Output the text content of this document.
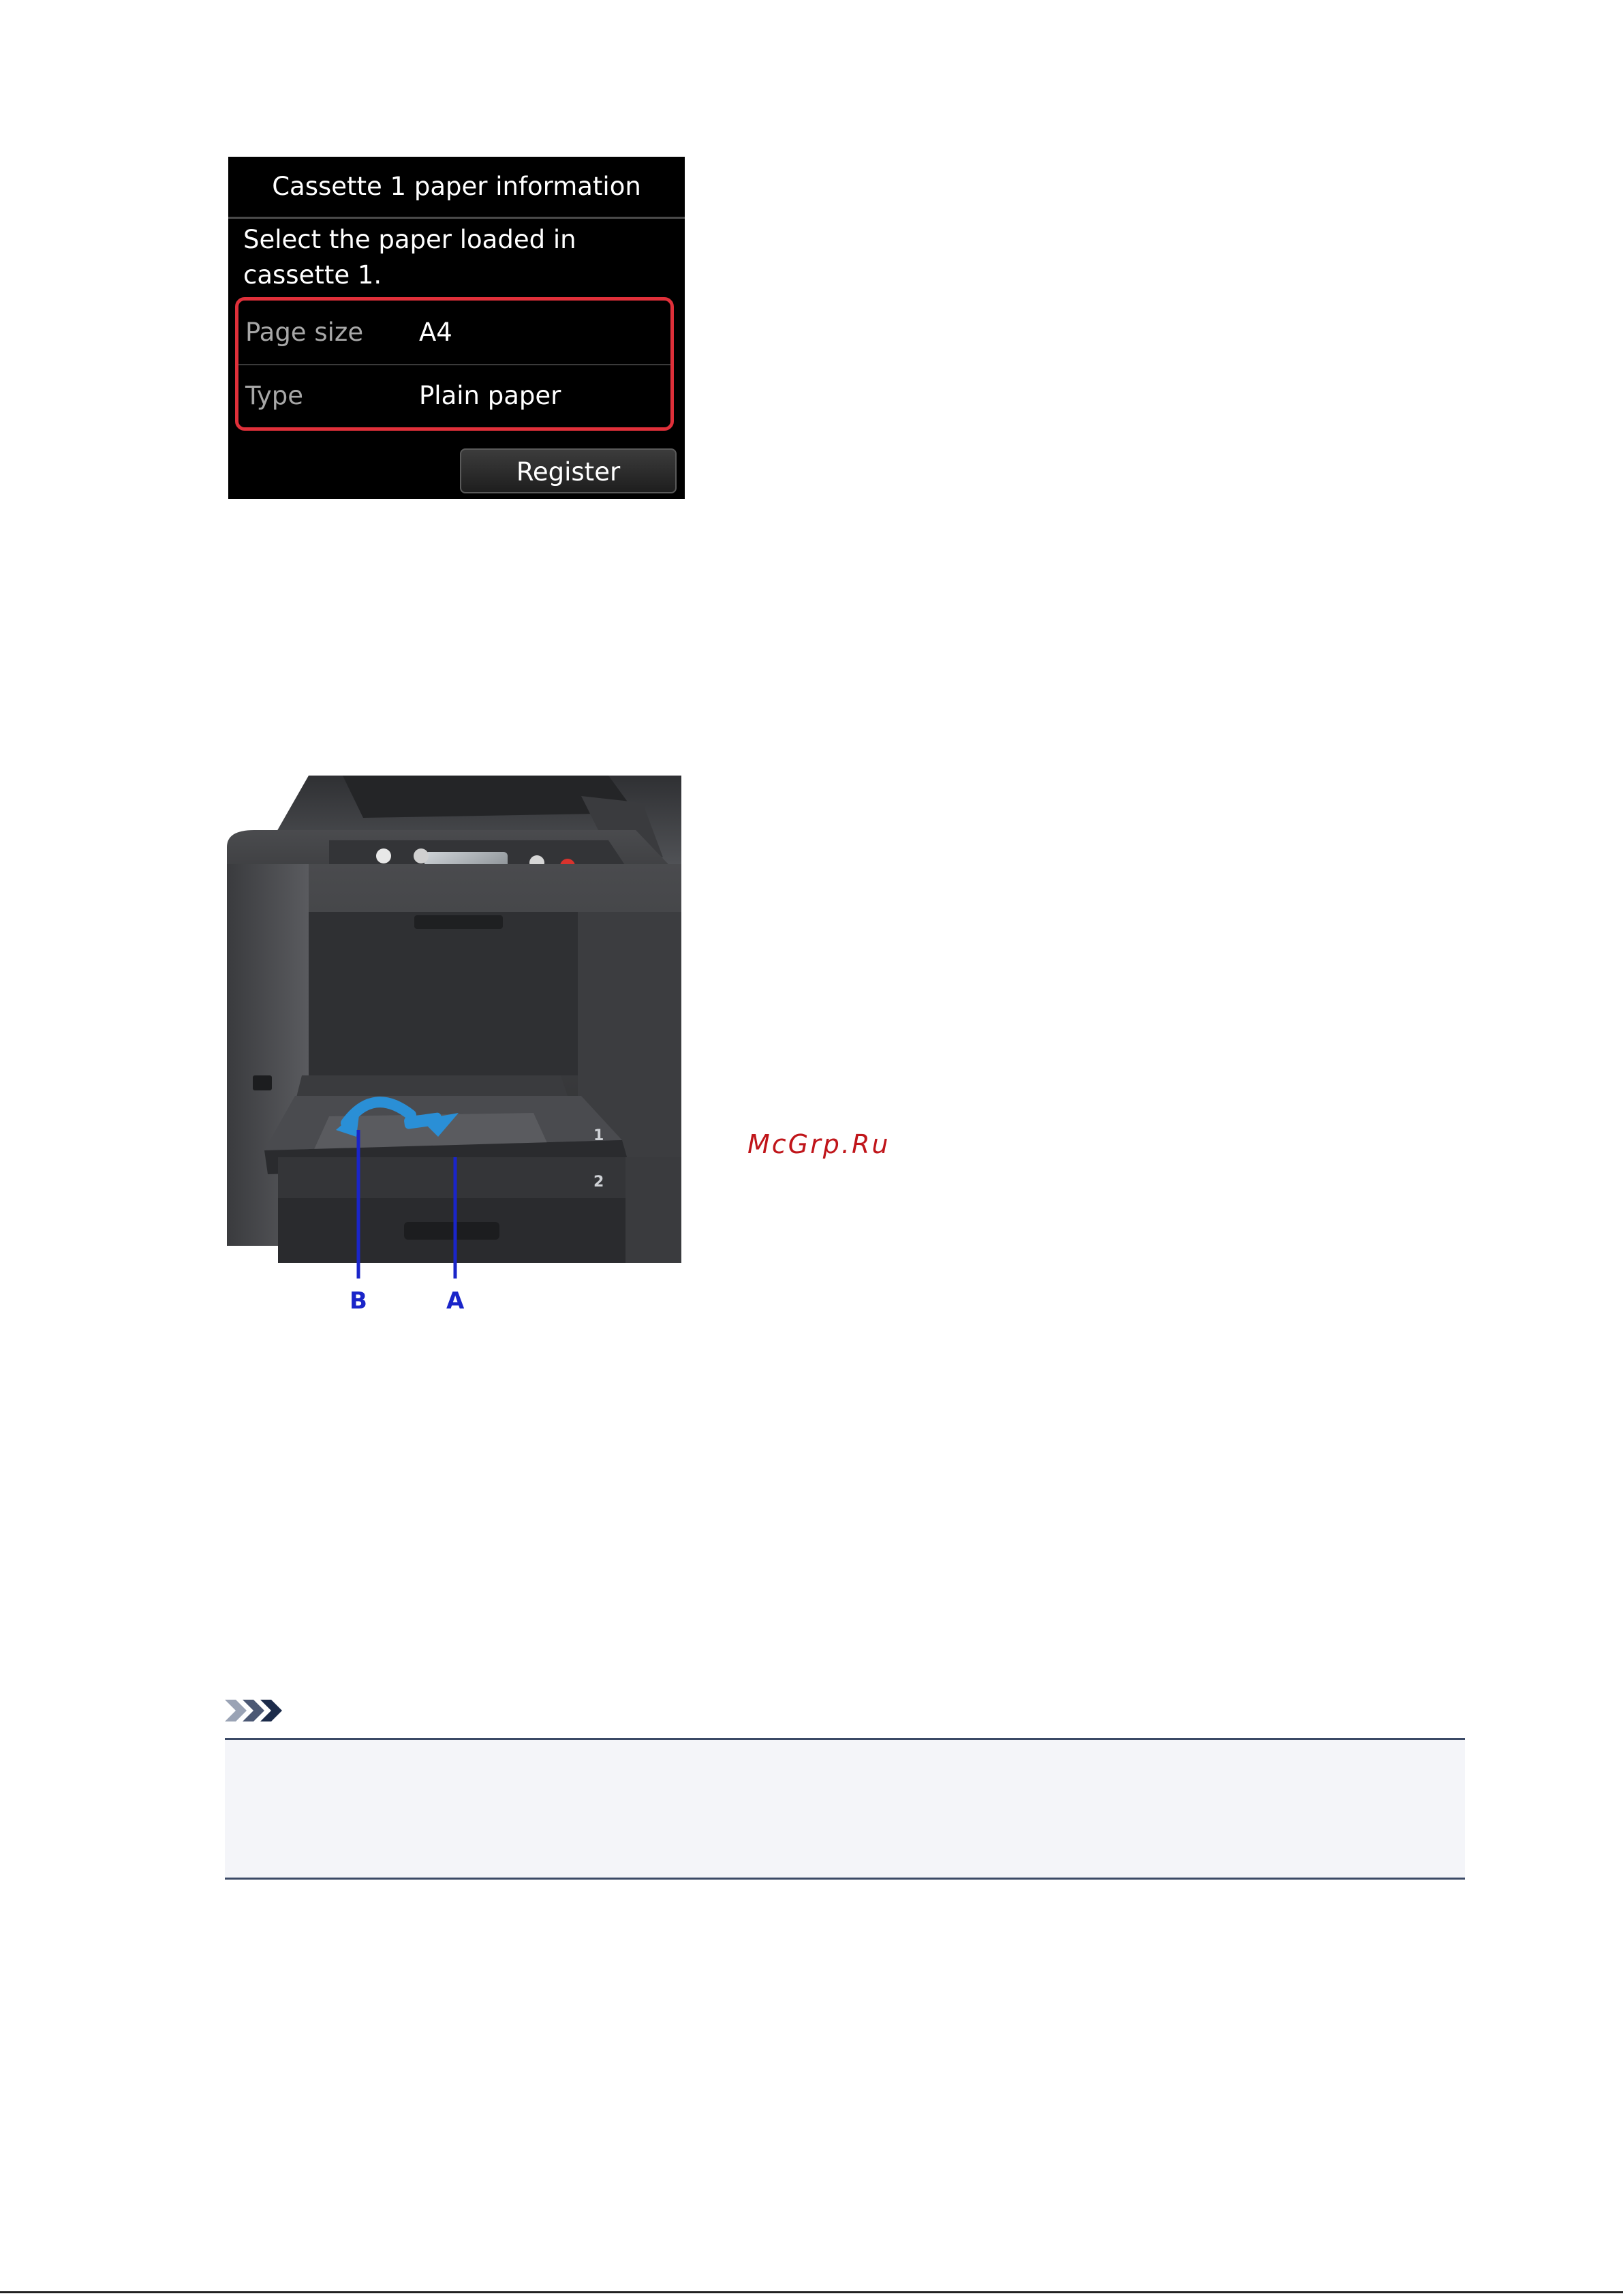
Cassette 1 paper information
Select the paper loaded in cassette 1.
Page size A4
Type	Plain paper
Register
1
2
B	A
McGrp.Ru
